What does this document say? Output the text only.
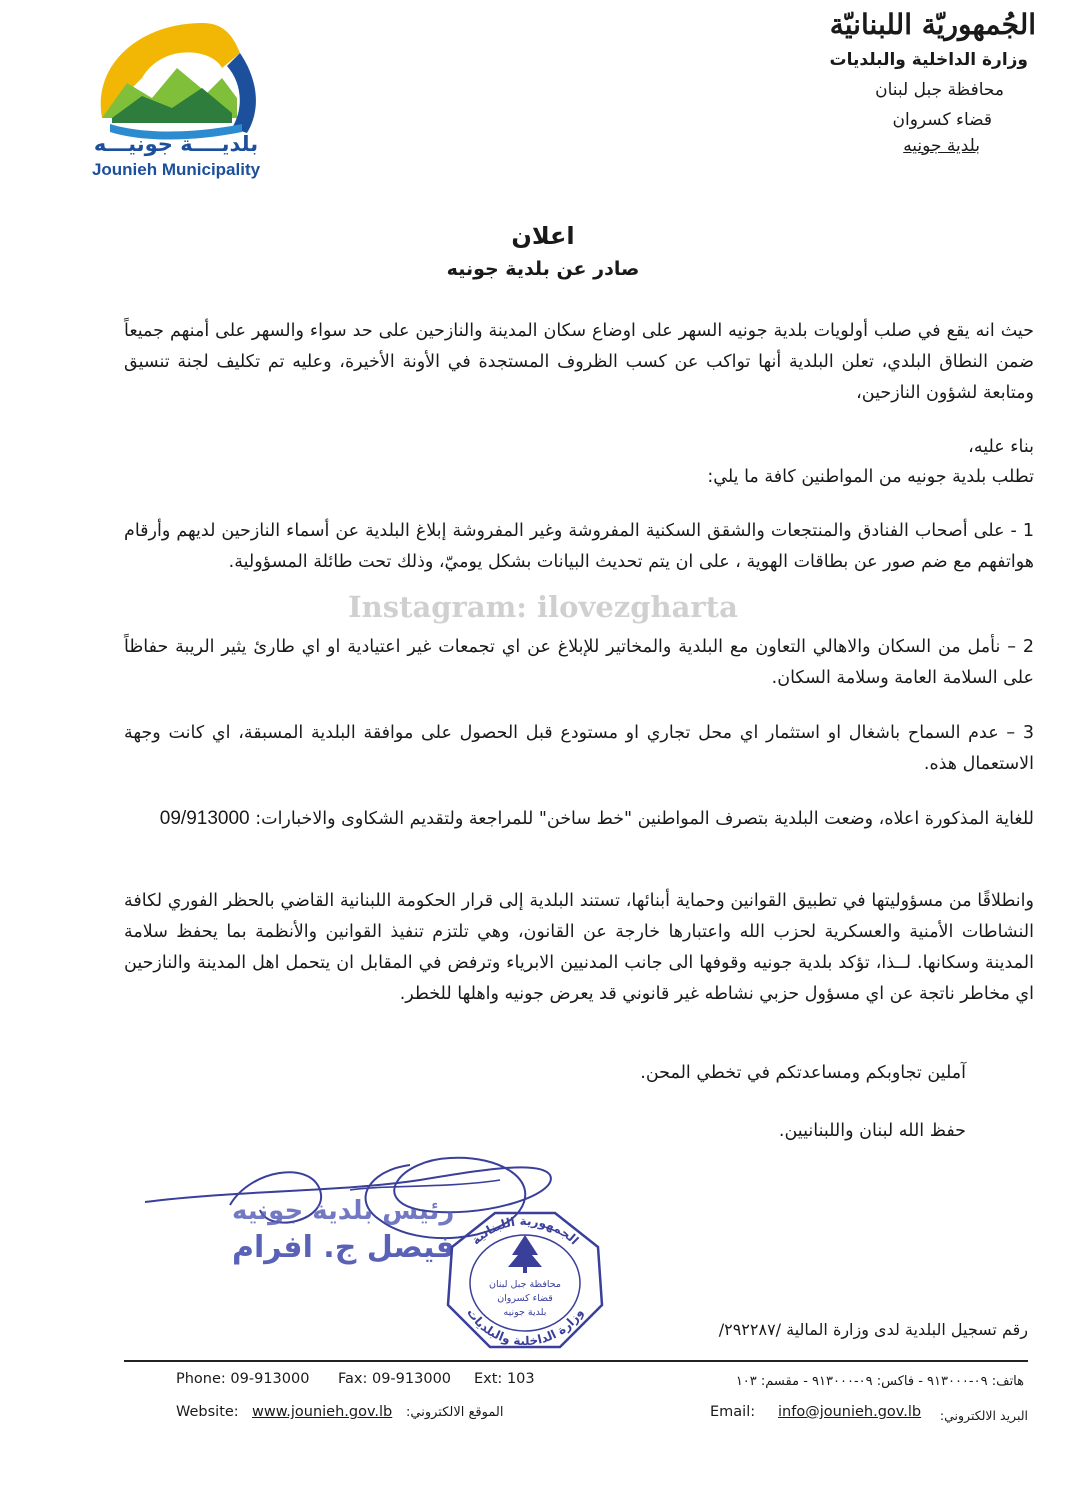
الجُمهوريّة اللبنانيّة
وزارة الداخلية والبلديات
محافظة جبل لبنان
قضاء كسروان
بلدية جونيه
بلديــــة جونيـــه
Jounieh Municipality
اعلان
صادر عن بلدية جونيه
حيث انه يقع في صلب أولويات بلدية جونيه السهر على اوضاع سكان المدينة والنازحين على حد سواء والسهر على أمنهم جميعاً ضمن النطاق البلدي، تعلن البلدية أنها تواكب عن كسب الظروف المستجدة في الأونة الأخيرة، وعليه تم تكليف لجنة تنسيق ومتابعة لشؤون النازحين،
بناء عليه،
تطلب بلدية جونيه من المواطنين كافة ما يلي:
1 - على أصحاب الفنادق والمنتجعات والشقق السكنية المفروشة وغير المفروشة إبلاغ البلدية عن أسماء النازحين لديهم وأرقام هواتفهم مع ضم صور عن بطاقات الهوية ، على ان يتم تحديث البيانات بشكل يوميّ، وذلك تحت طائلة المسؤولية.
Instagram: ilovezgharta
2 – نأمل من السكان والاهالي التعاون مع البلدية والمخاتير للإبلاغ عن اي تجمعات غير اعتيادية او اي طارئ يثير الريبة حفاظاً على السلامة العامة وسلامة السكان.
3 – عدم السماح باشغال او استثمار اي محل تجاري او مستودع قبل الحصول على موافقة البلدية المسبقة، اي كانت وجهة الاستعمال هذه.
للغاية المذكورة اعلاه، وضعت البلدية بتصرف المواطنين "خط ساخن" للمراجعة ولتقديم الشكاوى والاخبارات: 09/913000
وانطلاقًا من مسؤوليتها في تطبيق القوانين وحماية أبنائها، تستند البلدية إلى قرار الحكومة اللبنانية القاضي بالحظر الفوري لكافة النشاطات الأمنية والعسكرية لحزب الله واعتبارها خارجة عن القانون، وهي تلتزم تنفيذ القوانين والأنظمة بما يحفظ سلامة المدينة وسكانها. لــذا، تؤكد بلدية جونيه وقوفها الى جانب المدنيين الابرياء وترفض في المقابل ان يتحمل اهل المدينة والنازحين اي مخاطر ناتجة عن اي مسؤول حزبي نشاطه غير قانوني قد يعرض جونيه واهلها للخطر.
آملين تجاوبكم ومساعدتكم في تخطي المحن.
حفظ الله لبنان واللبنانيين.
رئيس بلدية جونيه
فيصل ج. افرام الجمهورية اللبنانية
وزارة الداخلية والبلديات
محافظة جبل لبنان
قضاء كسروان
بلدية جونيه
رقم تسجيل البلدية لدى وزارة المالية /٢٩٢٢٨٧/
Phone: 09-913000 Fax: 09-913000 Ext: 103	هاتف: ٠٩-٩١٣٠٠٠ - فاكس: ٠٩-٩١٣٠٠٠ - مقسم: ١٠٣
Website: www.jounieh.gov.lb الموقع الالكتروني:	Email: info@jounieh.gov.lb البريد الالكتروني:
